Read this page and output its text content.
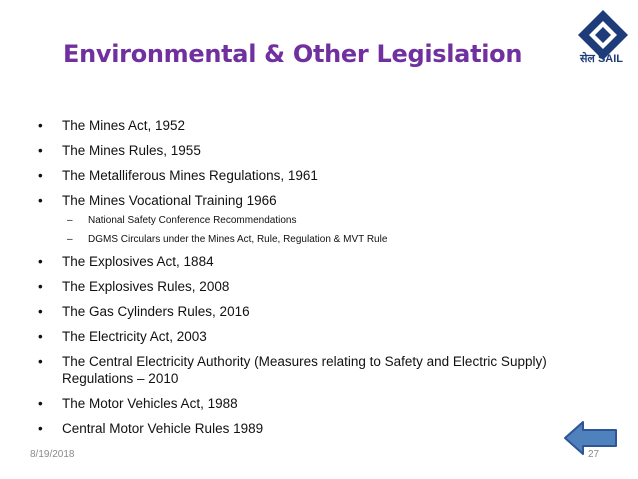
Environmental & Other Legislation	सेल SAIL
• The Mines Act, 1952
• The Mines Rules, 1955
• The Metalliferous Mines Regulations, 1961
• The Mines Vocational Training 1966
– National Safety Conference Recommendations
– DGMS Circulars under the Mines Act, Rule, Regulation & MVT Rule
• The Explosives Act, 1884
• The Explosives Rules, 2008
• The Gas Cylinders Rules, 2016
• The Electricity Act, 2003
• The Central Electricity Authority (Measures relating to Safety and Electric Supply)
Regulations – 2010
• The Motor Vehicles Act, 1988
• Central Motor Vehicle Rules 1989
8/19/2018	27
